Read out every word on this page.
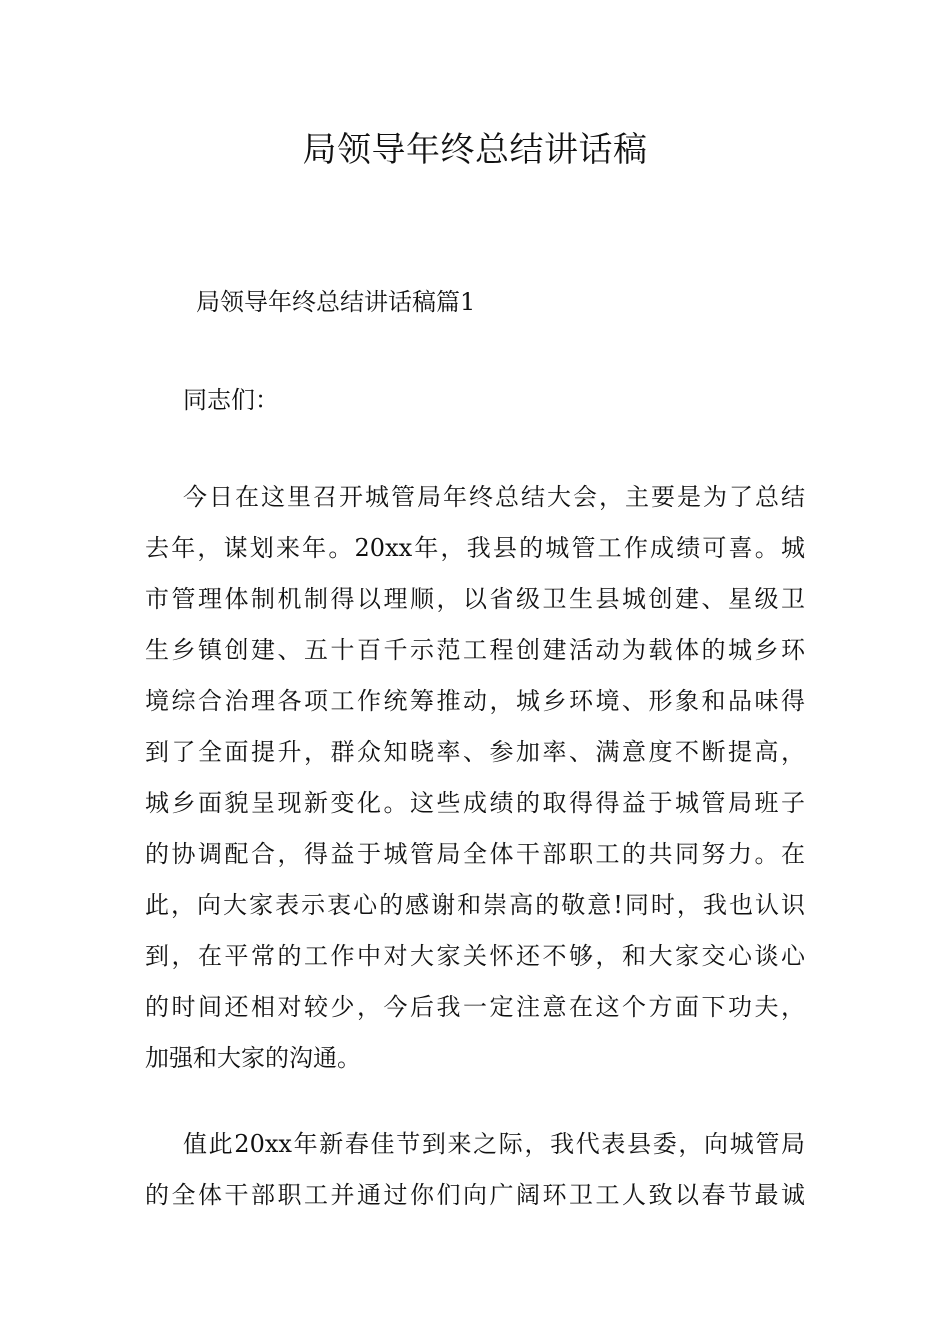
局领导年终总结讲话稿

局领导年终总结讲话稿篇1

同志们：

今日在这里召开城管局年终总结大会，主要是为了总结
去年，谋划来年。20xx年，我县的城管工作成绩可喜。城
市管理体制机制得以理顺，以省级卫生县城创建、星级卫
生乡镇创建、五十百千示范工程创建活动为载体的城乡环
境综合治理各项工作统筹推动，城乡环境、形象和品味得
到了全面提升，群众知晓率、参加率、满意度不断提高，
城乡面貌呈现新变化。这些成绩的取得得益于城管局班子
的协调配合，得益于城管局全体干部职工的共同努力。在
此，向大家表示衷心的感谢和崇高的敬意!同时，我也认识
到，在平常的工作中对大家关怀还不够，和大家交心谈心
的时间还相对较少，今后我一定注意在这个方面下功夫，
加强和大家的沟通。
值此20xx年新春佳节到来之际，我代表县委，向城管局
的全体干部职工并通过你们向广阔环卫工人致以春节最诚
